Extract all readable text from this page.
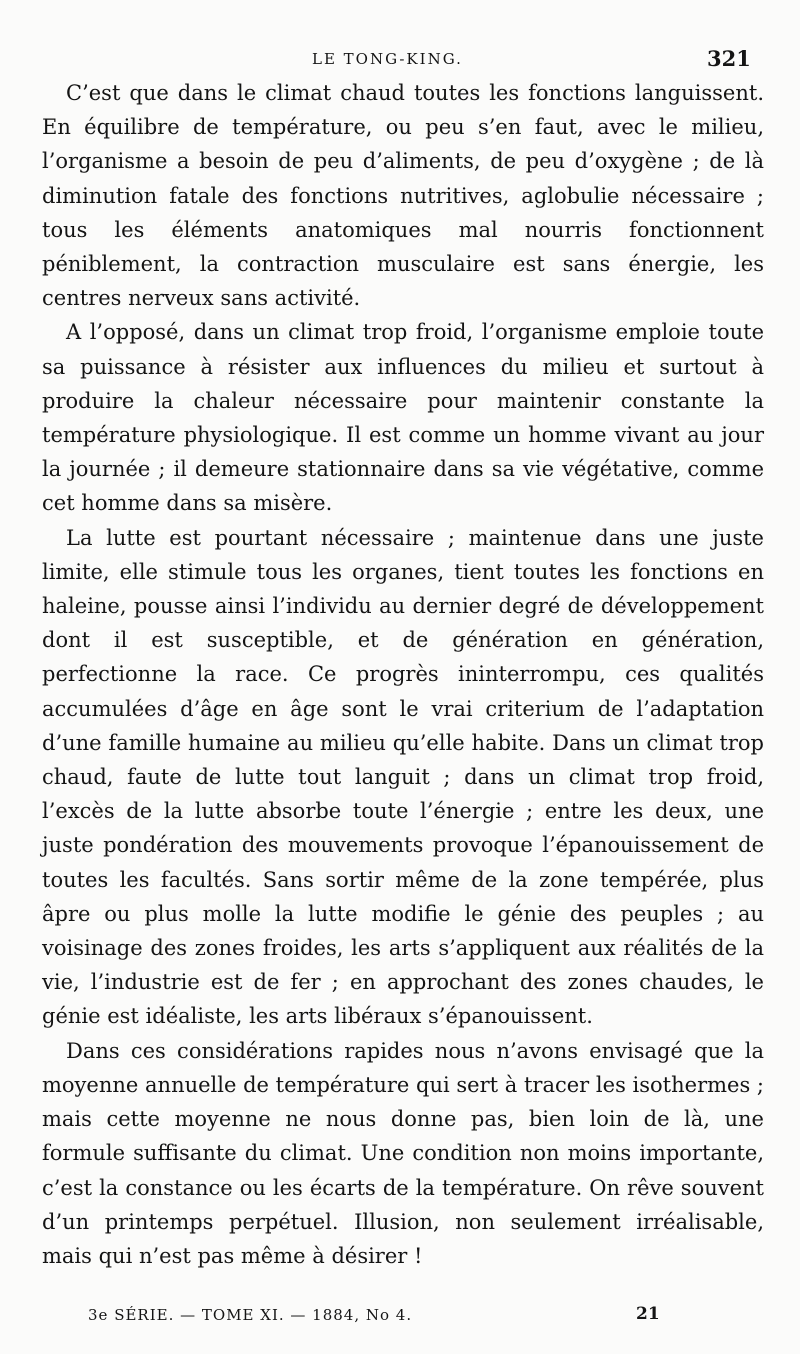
LE TONG-KING.	321

C’est que dans le climat chaud toutes les fonctions languissent. En équilibre de température, ou peu s’en faut, avec le milieu, l’organisme a besoin de peu d’aliments, de peu d’oxygène ; de là diminution fatale des fonctions nutritives, aglobulie nécessaire ; tous les éléments anatomiques mal nourris fonctionnent péniblement, la contraction musculaire est sans énergie, les centres nerveux sans activité.

A l’opposé, dans un climat trop froid, l’organisme emploie toute sa puissance à résister aux influences du milieu et surtout à produire la chaleur nécessaire pour maintenir constante la température physiologique. Il est comme un homme vivant au jour la journée ; il demeure stationnaire dans sa vie végétative, comme cet homme dans sa misère.

La lutte est pourtant nécessaire ; maintenue dans une juste limite, elle stimule tous les organes, tient toutes les fonctions en haleine, pousse ainsi l’individu au dernier degré de développement dont il est susceptible, et de génération en génération, perfectionne la race. Ce progrès ininterrompu, ces qualités accumulées d’âge en âge sont le vrai criterium de l’adaptation d’une famille humaine au milieu qu’elle habite. Dans un climat trop chaud, faute de lutte tout languit ; dans un climat trop froid, l’excès de la lutte absorbe toute l’énergie ; entre les deux, une juste pondération des mouvements provoque l’épanouissement de toutes les facultés. Sans sortir même de la zone tempérée, plus âpre ou plus molle la lutte modifie le génie des peuples ; au voisinage des zones froides, les arts s’appliquent aux réalités de la vie, l’industrie est de fer ; en approchant des zones chaudes, le génie est idéaliste, les arts libéraux s’épanouissent.

Dans ces considérations rapides nous n’avons envisagé que la moyenne annuelle de température qui sert à tracer les isothermes ; mais cette moyenne ne nous donne pas, bien loin de là, une formule suffisante du climat. Une condition non moins importante, c’est la constance ou les écarts de la température. On rêve souvent d’un printemps perpétuel. Illusion, non seulement irréalisable, mais qui n’est pas même à désirer !

3e SÉRIE. — TOME XI. — 1884, No 4.	21
